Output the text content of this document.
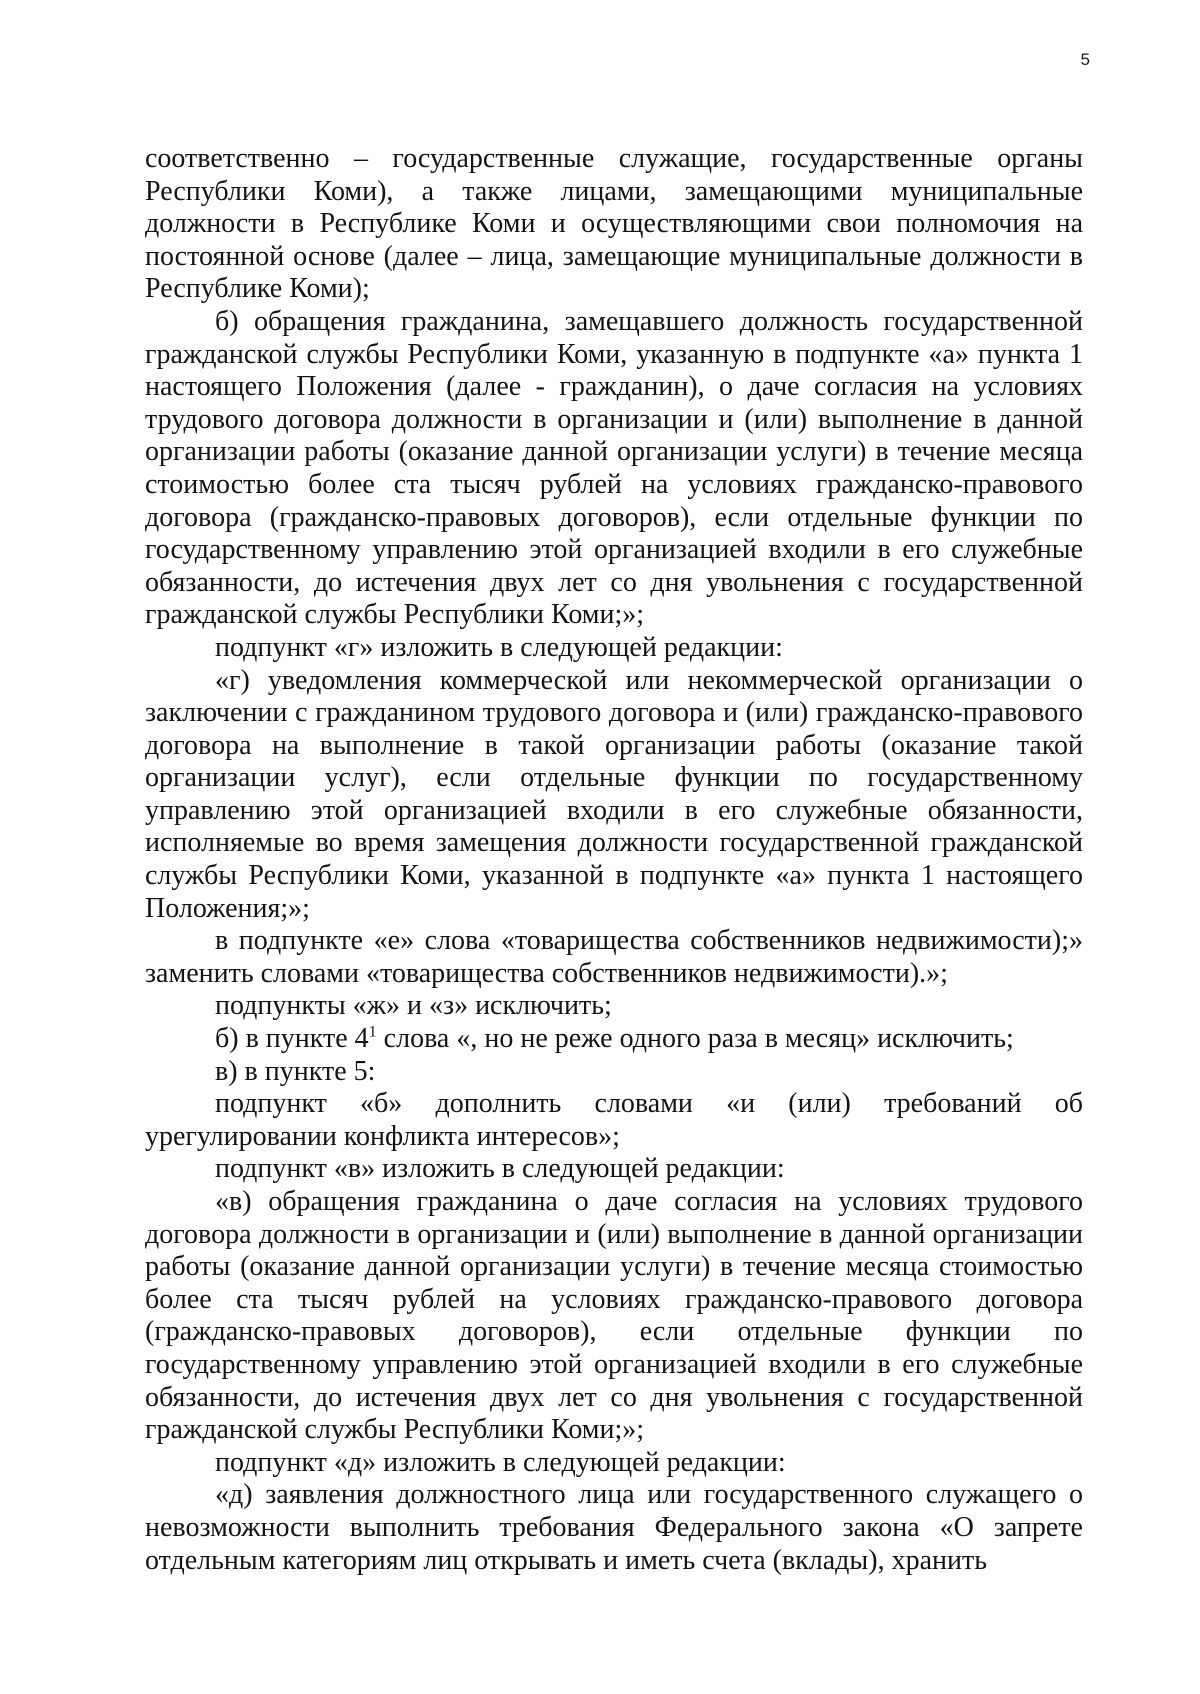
5

соответственно – государственные служащие, государственные органы Республики Коми), а также лицами, замещающими муниципальные должности в Республике Коми и осуществляющими свои полномочия на постоянной основе (далее – лица, замещающие муниципальные должности в Республике Коми);

б) обращения гражданина, замещавшего должность государственной гражданской службы Республики Коми, указанную в подпункте «а» пункта 1 настоящего Положения (далее - гражданин), о даче согласия на условиях трудового договора должности в организации и (или) выполнение в данной организации работы (оказание данной организации услуги) в течение месяца стоимостью более ста тысяч рублей на условиях гражданско-правового договора (гражданско-правовых договоров), если отдельные функции по государственному управлению этой организацией входили в его служебные обязанности, до истечения двух лет со дня увольнения с государственной гражданской службы Республики Коми;»;

подпункт «г» изложить в следующей редакции:

«г) уведомления коммерческой или некоммерческой организации о заключении с гражданином трудового договора и (или) гражданско-правового договора на выполнение в такой организации работы (оказание такой организации услуг), если отдельные функции по государственному управлению этой организацией входили в его служебные обязанности, исполняемые во время замещения должности государственной гражданской службы Республики Коми, указанной в подпункте «а» пункта 1 настоящего Положения;»;

в подпункте «е» слова «товарищества собственников недвижимости);» заменить словами «товарищества собственников недвижимости).»;

подпункты «ж» и «з» исключить;

б) в пункте $4^1$ слова «, но не реже одного раза в месяц» исключить;

в) в пункте 5:

подпункт «б» дополнить словами «и (или) требований об урегулировании конфликта интересов»;

подпункт «в» изложить в следующей редакции:

«в) обращения гражданина о даче согласия на условиях трудового договора должности в организации и (или) выполнение в данной организации работы (оказание данной организации услуги) в течение месяца стоимостью более ста тысяч рублей на условиях гражданско-правового договора (гражданско-правовых договоров), если отдельные функции по государственному управлению этой организацией входили в его служебные обязанности, до истечения двух лет со дня увольнения с государственной гражданской службы Республики Коми;»;

подпункт «д» изложить в следующей редакции:

«д) заявления должностного лица или государственного служащего о невозможности выполнить требования Федерального закона «О запрете отдельным категориям лиц открывать и иметь счета (вклады), хранить
